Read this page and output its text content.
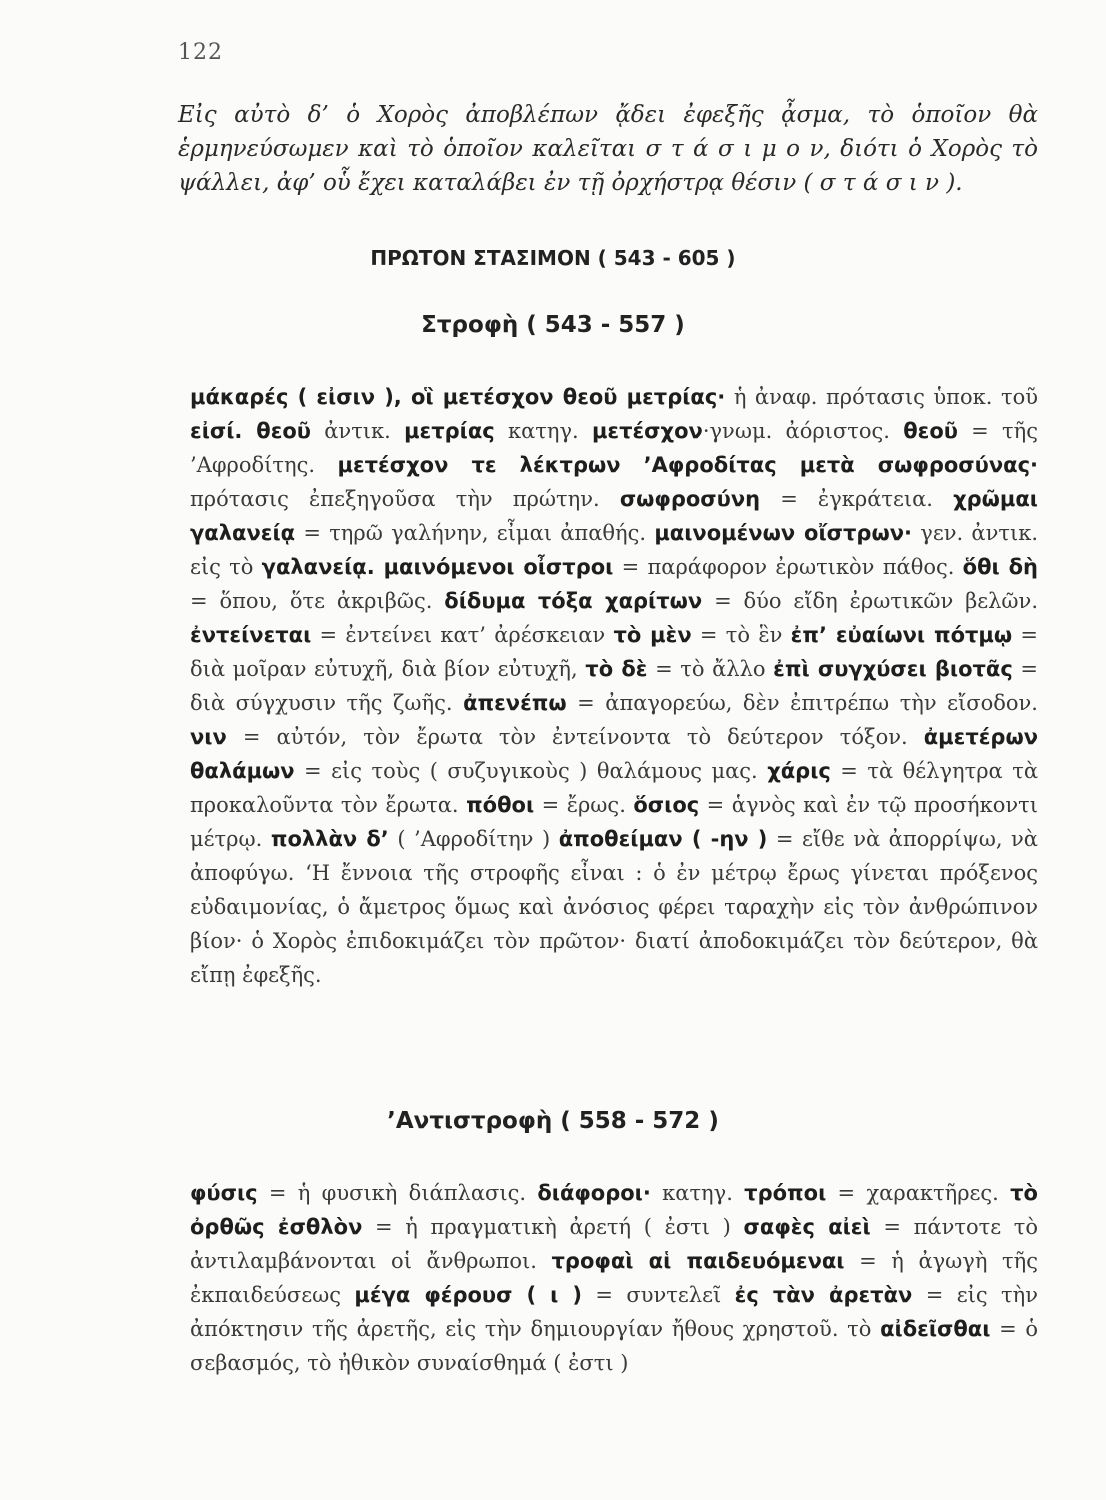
122

Εἰς αὐτὸ δ’ ὁ Χορὸς ἀποβλέπων ᾄδει ἐφεξῆς ᾆσμα, τὸ ὁποῖον θὰ ἑρμηνεύσωμεν καὶ τὸ ὁποῖον καλεῖται σ τ ά σ ι μ ο ν, διότι ὁ Χορὸς τὸ ψάλλει, ἀφ’ οὗ ἔχει καταλάβει ἐν τῇ ὀρχήστρᾳ θέσιν ( σ τ ά σ ι ν ).

ΠΡΩΤΟΝ ΣΤΑΣΙΜΟΝ ( 543 - 605 )
Στροφὴ ( 543 - 557 )

μάκαρές ( εἰσιν ), οἳ μετέσχον θεοῦ μετρίας· ἡ ἀναφ. πρότασις ὑποκ. τοῦ εἰσί. θεοῦ ἀντικ. μετρίας κατηγ. μετέσχον·γνωμ. ἀόριστος. θεοῦ = τῆς ’Αφροδίτης. μετέσχον τε λέκτρων ’Αφροδίτας μετὰ σωφροσύνας· πρότασις ἐπεξηγοῦσα τὴν πρώτην. σωφροσύνη = ἐγκράτεια. χρῶμαι γαλανείᾳ = τηρῶ γαλήνην, εἶμαι ἀπαθής. μαινομένων οἴστρων· γεν. ἀντικ. εἰς τὸ γαλανείᾳ. μαινόμενοι οἶστροι = παράφορον ἐρωτικὸν πάθος. ὅθι δὴ = ὅπου, ὅτε ἀκριβῶς. δίδυμα τόξα χαρίτων = δύο εἴδη ἐρωτικῶν βελῶν. ἐντείνεται = ἐντείνει κατ’ ἀρέσκειαν τὸ μὲν = τὸ ἓν ἐπ’ εὐαίωνι πότμῳ = διὰ μοῖραν εὐτυχῆ, διὰ βίον εὐτυχῆ, τὸ δὲ = τὸ ἄλλο ἐπὶ συγχύσει βιοτᾶς = διὰ σύγχυσιν τῆς ζωῆς. ἀπενέπω = ἀπαγορεύω, δὲν ἐπιτρέπω τὴν εἴσοδον. νιν = αὐτόν, τὸν ἔρωτα τὸν ἐντείνοντα τὸ δεύτερον τόξον. ἀμετέρων θαλάμων = εἰς τοὺς ( συζυγικοὺς ) θαλάμους μας. χάρις = τὰ θέλγητρα τὰ προκαλοῦντα τὸν ἔρωτα. πόθοι = ἔρως. ὅσιος = ἁγνὸς καὶ ἐν τῷ προσήκοντι μέτρῳ. πολλὰν δ’ ( ’Αφροδίτην ) ἀποθείμαν ( -ην ) = εἴθε νὰ ἀπορρίψω, νὰ ἀποφύγω. ‘Η ἔννοια τῆς στροφῆς εἶναι : ὁ ἐν μέτρῳ ἔρως γίνεται πρόξενος εὐδαιμονίας, ὁ ἄμετρος ὅμως καὶ ἀνόσιος φέρει ταραχὴν εἰς τὸν ἀνθρώπινον βίον· ὁ Χορὸς ἐπιδοκιμάζει τὸν πρῶτον· διατί ἀποδοκιμάζει τὸν δεύτερον, θὰ εἴπῃ ἐφεξῆς.

’Αντιστροφὴ ( 558 - 572 )

φύσις = ἡ φυσικὴ διάπλασις. διάφοροι· κατηγ. τρόποι = χαρακτῆρες. τὸ ὀρθῶς ἐσθλὸν = ἡ πραγματικὴ ἀρετή ( ἐστι ) σαφὲς αἰεὶ = πάντοτε τὸ ἀντιλαμβάνονται οἱ ἄνθρωποι. τροφαὶ αἱ παιδευόμεναι = ἡ ἀγωγὴ τῆς ἐκπαιδεύσεως μέγα φέρουσ ( ι ) = συντελεῖ ἐς τὰν ἀρετὰν = εἰς τὴν ἀπόκτησιν τῆς ἀρετῆς, εἰς τὴν δημιουργίαν ἤθους χρηστοῦ. τὸ αἰδεῖσθαι = ὁ σεβασμός, τὸ ἠθικὸν συναίσθημά ( ἐστι )
